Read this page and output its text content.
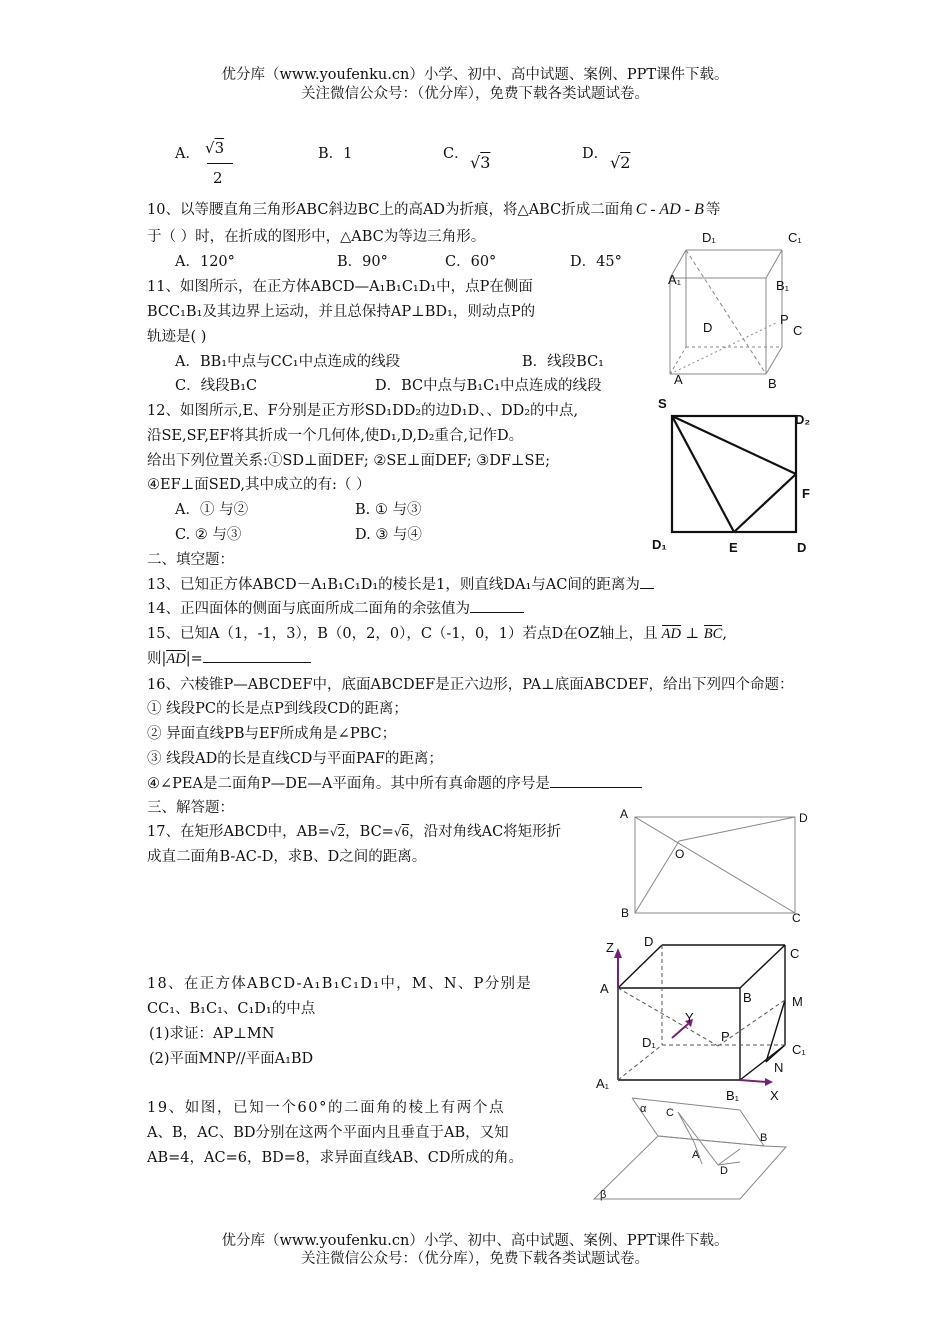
优分库（www.youfenku.cn）小学、初中、高中试题、案例、PPT课件下载。
关注微信公众号：（优分库），免费下载各类试题试卷。
A． √3
2
B．1	C． √3	D． √2
10、以等腰直角三角形ABC斜边BC上的高AD为折痕，将△ABC折成二面角 C - AD - B 等
于（ ）时，在折成的图形中，△ABC为等边三角形。
A．120°	B．90°	C．60°	D．45°
11、如图所示，在正方体ABCD—A₁B₁C₁D₁中，点P在侧面
BCC₁B₁及其边界上运动，并且总保持AP⊥BD₁，则动点P的
轨迹是( )
A．BB₁中点与CC₁中点连成的线段	B．线段BC₁
C．线段B₁C	D．BC中点与B₁C₁中点连成的线段
D₁	C₁
A₁	B₁
D
P
C
A	B
12、如图所示,E、F分别是正方形SD₁DD₂的边D₁D、、DD₂的中点,
沿SE,SF,EF将其折成一个几何体,使D₁,D,D₂重合,记作D。
给出下列位置关系:①SD⊥面DEF; ②SE⊥面DEF; ③DF⊥SE;
④EF⊥面SED,其中成立的有:（ ）
A．① 与②	B. ① 与③
C. ② 与③	D. ③ 与④
S
D₂
F
D₁	E	D
二、填空题：
13、已知正方体ABCD－A₁B₁C₁D₁的棱长是1，则直线DA₁与AC间的距离为
14、正四面体的侧面与底面所成二面角的余弦值为
15、已知A（1，-1，3），B（0，2，0），C（-1，0，1）若点D在OZ轴上，且 AD ⊥ BC,
则|AD|=
16、六棱锥P—ABCDEF中，底面ABCDEF是正六边形，PA⊥底面ABCDEF，给出下列四个命题：
① 线段PC的长是点P到线段CD的距离；
② 异面直线PB与EF所成角是∠PBC；
③ 线段AD的长是直线CD与平面PAF的距离；
④∠PEA是二面角P—DE—A平面角。其中所有真命题的序号是
三、解答题：
17、在矩形ABCD中，AB=√2，BC=√6，沿对角线AC将矩形折
成直二面角B-AC-D，求B、D之间的距离。
A	D
O
B	C
18、在正方体ABCD-A₁B₁C₁D₁中，M、N、P分别是
CC₁、B₁C₁、C₁D₁的中点
(1)求证：AP⊥MN
(2)平面MNP//平面A₁BD
Z D
C
A
B	M
Y
D₁	P
C₁
N
A₁
B₁ X
19、如图，已知一个60°的二面角的棱上有两个点
A、B，AC、BD分别在这两个平面内且垂直于AB，又知
AB=4，AC=6，BD=8，求异面直线AB、CD所成的角。
α C
B
A
D
β
优分库（www.youfenku.cn）小学、初中、高中试题、案例、PPT课件下载。
关注微信公众号：（优分库），免费下载各类试题试卷。
